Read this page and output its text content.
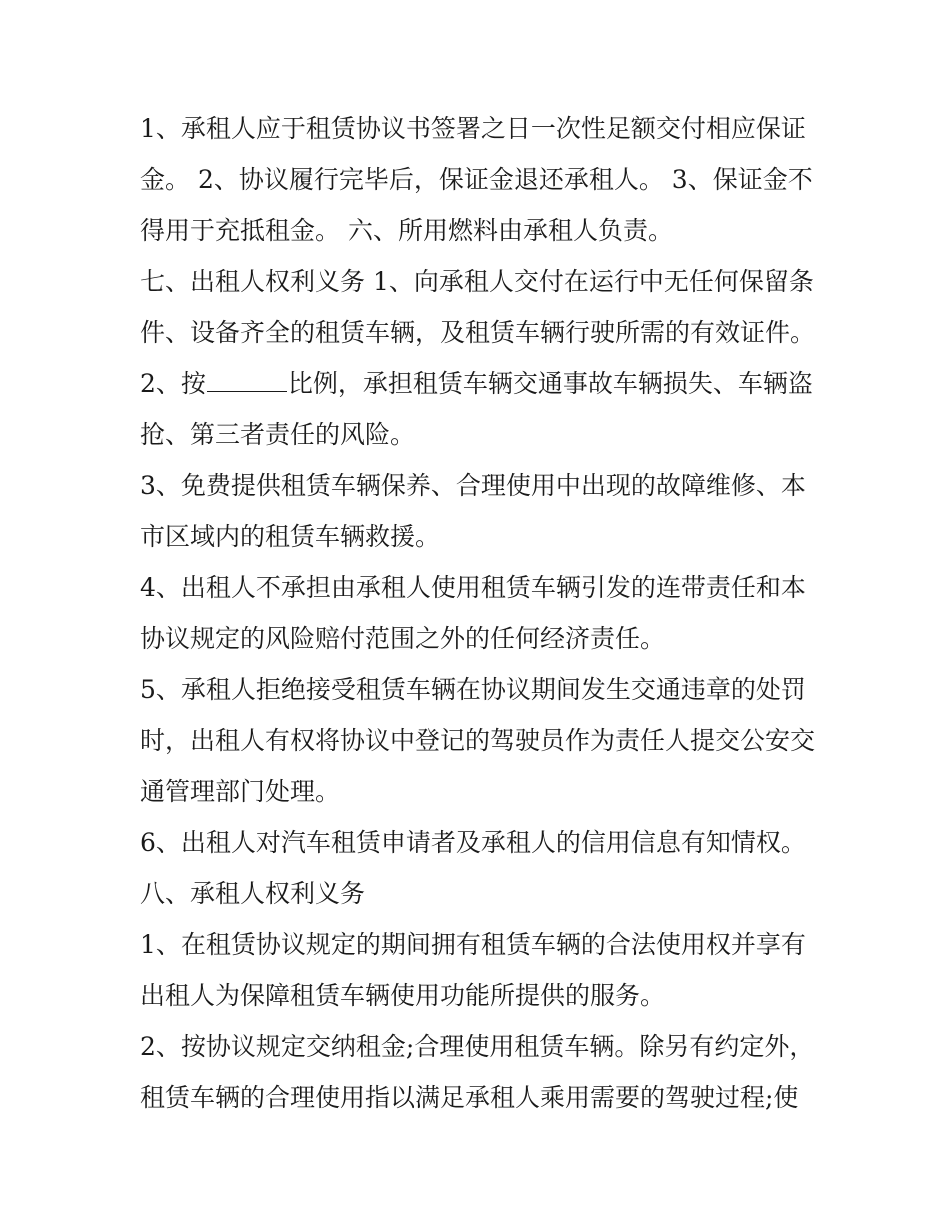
1、承租人应于租赁协议书签署之日一次性足额交付相应保证
金。 2、协议履行完毕后，保证金退还承租人。 3、保证金不
得用于充抵租金。 六、所用燃料由承租人负责。
七、出租人权利义务 1、向承租人交付在运行中无任何保留条
件、设备齐全的租赁车辆，及租赁车辆行驶所需的有效证件。
2、按	比例，承担租赁车辆交通事故车辆损失、车辆盗
抢、第三者责任的风险。
3、免费提供租赁车辆保养、合理使用中出现的故障维修、本
市区域内的租赁车辆救援。
4、出租人不承担由承租人使用租赁车辆引发的连带责任和本
协议规定的风险赔付范围之外的任何经济责任。
5、承租人拒绝接受租赁车辆在协议期间发生交通违章的处罚
时，出租人有权将协议中登记的驾驶员作为责任人提交公安交
通管理部门处理。
6、出租人对汽车租赁申请者及承租人的信用信息有知情权。
八、承租人权利义务
1、在租赁协议规定的期间拥有租赁车辆的合法使用权并享有
出租人为保障租赁车辆使用功能所提供的服务。
2、按协议规定交纳租金;合理使用租赁车辆。除另有约定外，
租赁车辆的合理使用指以满足承租人乘用需要的驾驶过程;使
